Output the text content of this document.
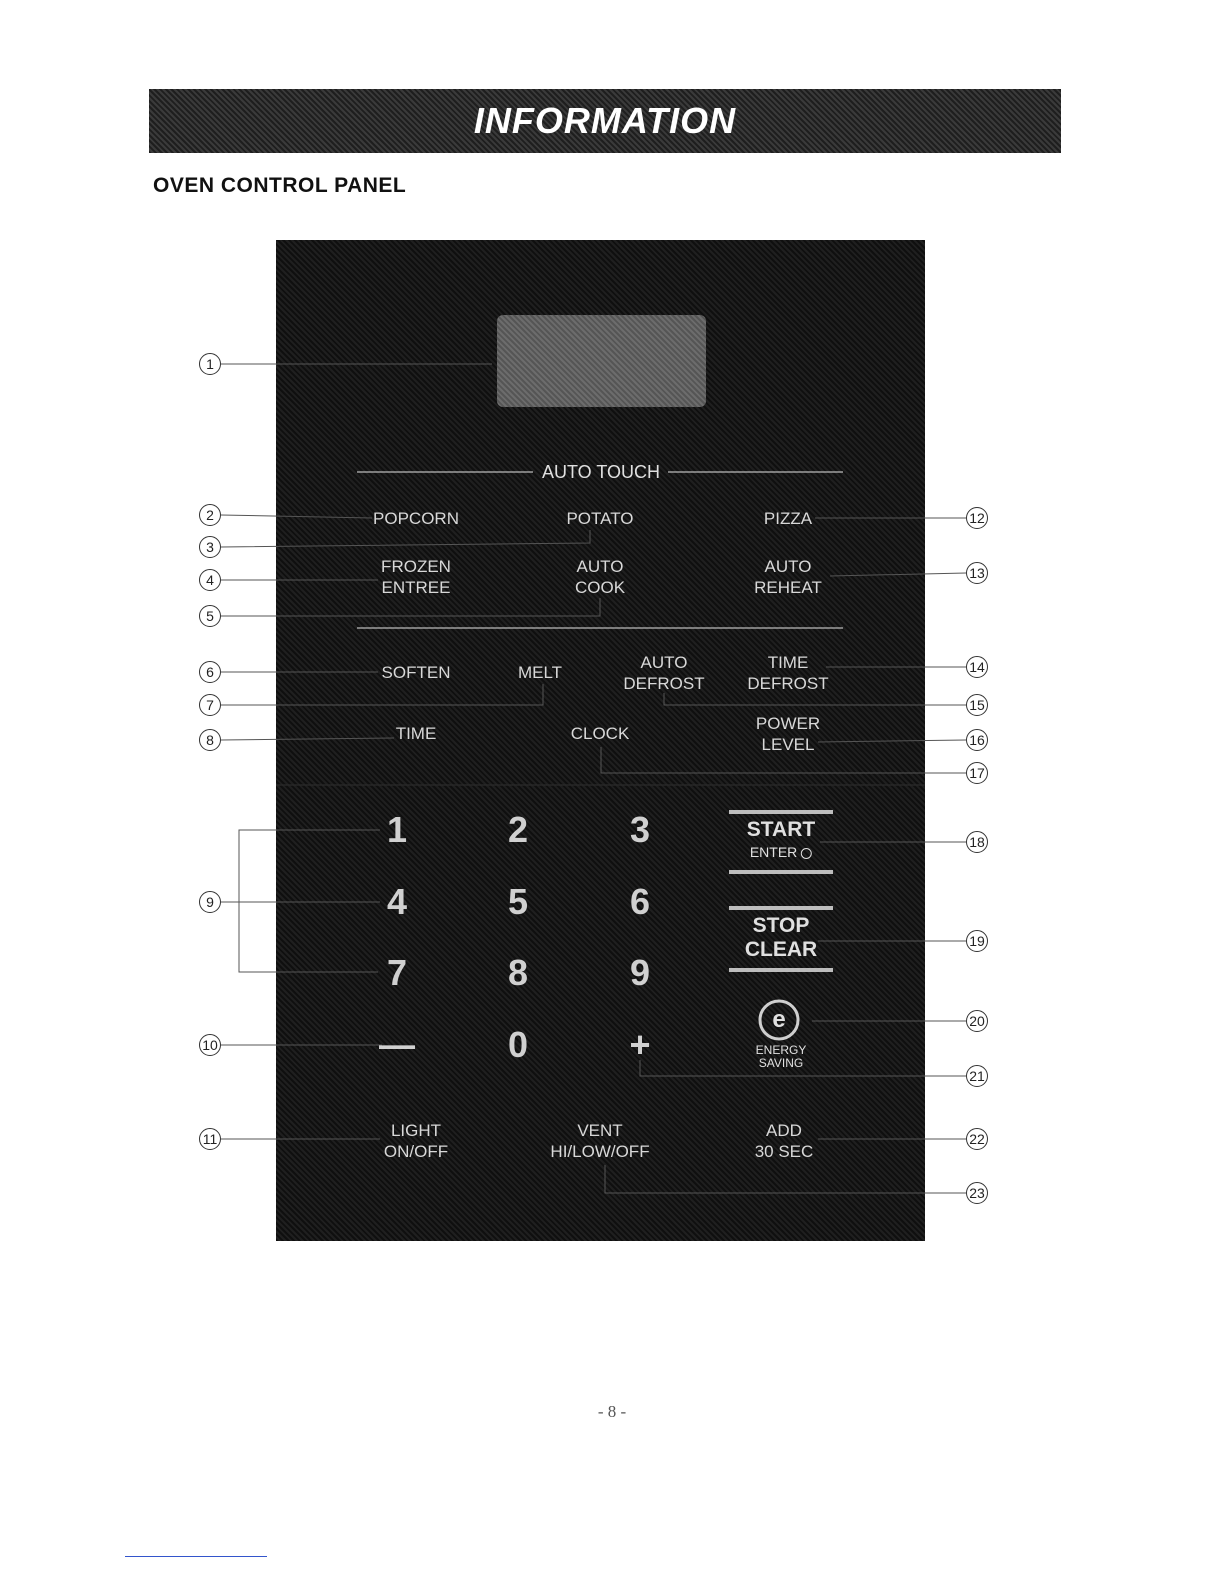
INFORMATION
OVEN CONTROL PANEL
AUTO TOUCH
POPCORN	POTATO	PIZZA
FROZEN
ENTREE
AUTO
COOK
AUTO
REHEAT
SOFTEN	MELT
AUTO
DEFROST
TIME
DEFROST
TIME	CLOCK
POWER
LEVEL
1	2	3
4	5	6
7	8	9
—	0	+
START
ENTER
STOP
CLEAR
e
ENERGY
SAVING
LIGHT
ON/OFF
VENT
HI/LOW/OFF
ADD
30 SEC
1
2
3
4
5
6
7
8
9
10
11
12
13
14
15
16
17
18
19
20
21
22
23
- 8 -
